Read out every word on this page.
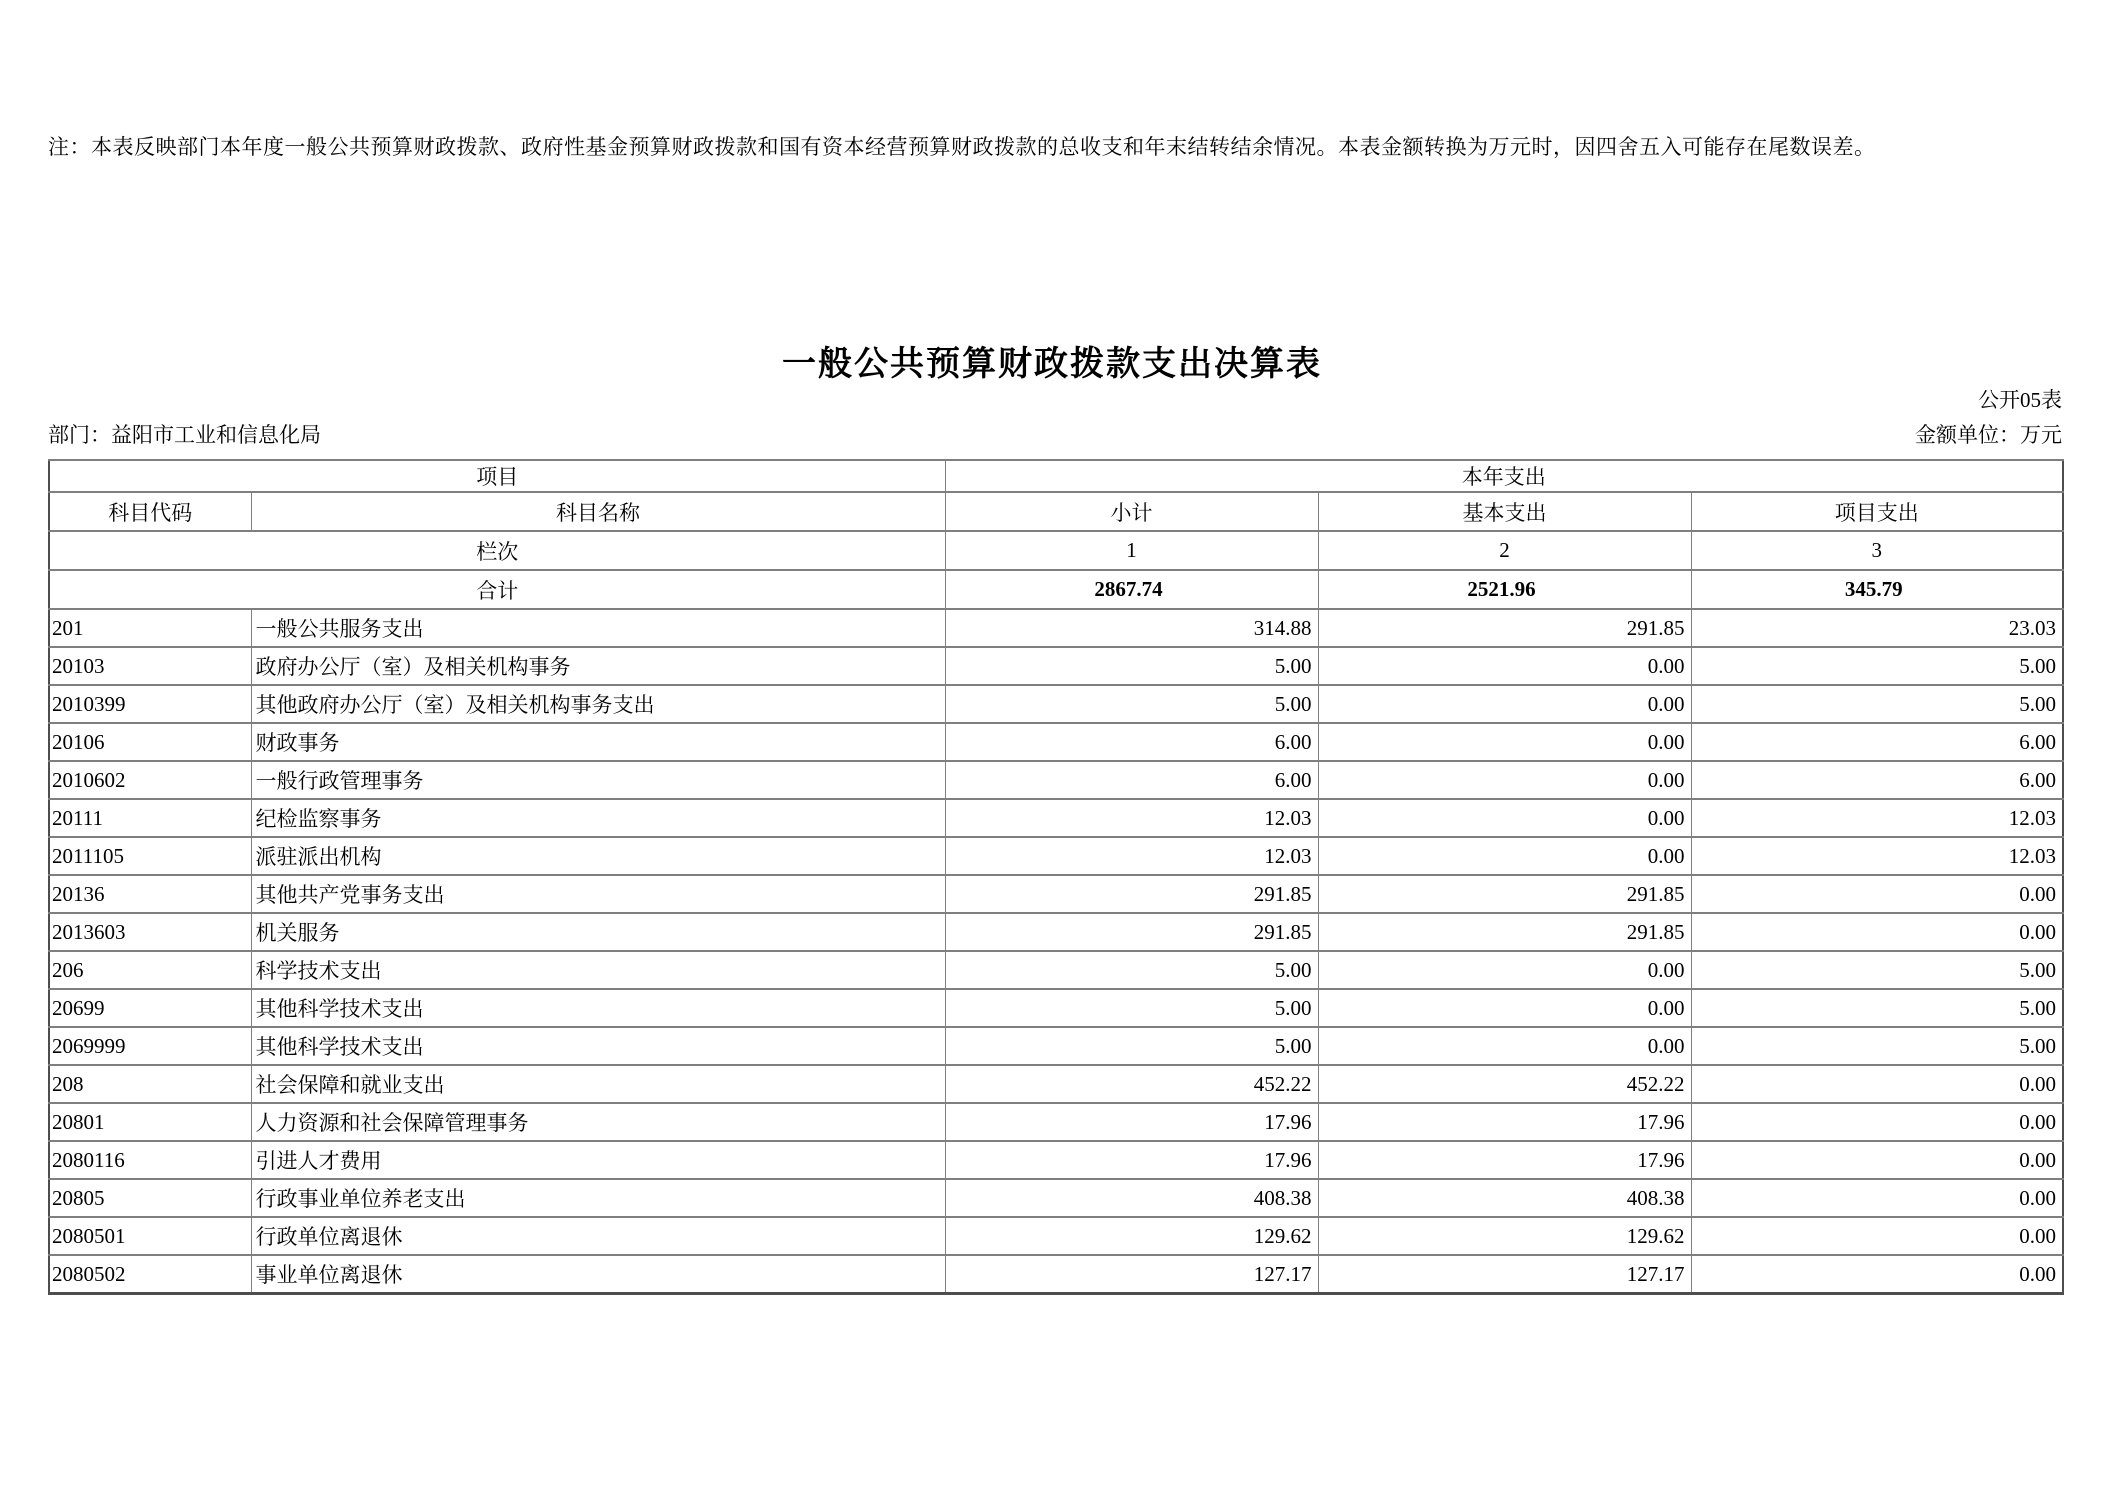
注：本表反映部门本年度一般公共预算财政拨款、政府性基金预算财政拨款和国有资本经营预算财政拨款的总收支和年末结转结余情况。本表金额转换为万元时，因四舍五入可能存在尾数误差。
一般公共预算财政拨款支出决算表
公开05表
部门：益阳市工业和信息化局	金额单位：万元
项目		本年支出		
科目代码	科目名称	小计	基本支出	项目支出
栏次		1	2	3
合计		2867.74	2521.96	345.79
201	一般公共服务支出	314.88	291.85	23.03
20103	政府办公厅（室）及相关机构事务	5.00	0.00	5.00
2010399	其他政府办公厅（室）及相关机构事务支出	5.00	0.00	5.00
20106	财政事务	6.00	0.00	6.00
2010602	一般行政管理事务	6.00	0.00	6.00
20111	纪检监察事务	12.03	0.00	12.03
2011105	派驻派出机构	12.03	0.00	12.03
20136	其他共产党事务支出	291.85	291.85	0.00
2013603	机关服务	291.85	291.85	0.00
206	科学技术支出	5.00	0.00	5.00
20699	其他科学技术支出	5.00	0.00	5.00
2069999	其他科学技术支出	5.00	0.00	5.00
208	社会保障和就业支出	452.22	452.22	0.00
20801	人力资源和社会保障管理事务	17.96	17.96	0.00
2080116	引进人才费用	17.96	17.96	0.00
20805	行政事业单位养老支出	408.38	408.38	0.00
2080501	行政单位离退休	129.62	129.62	0.00
2080502	事业单位离退休	127.17	127.17	0.00
